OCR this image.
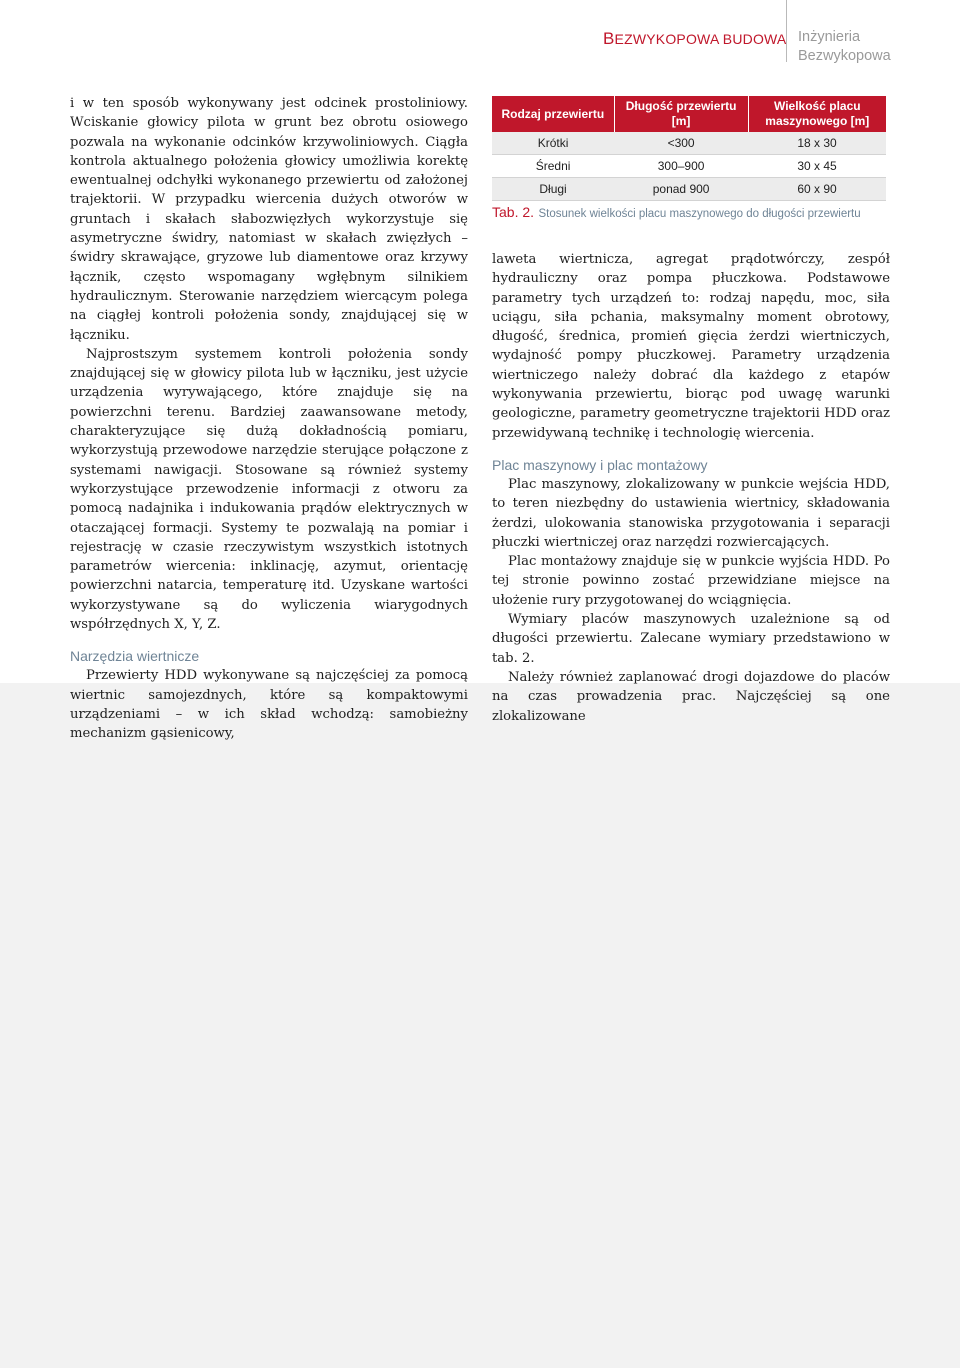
BEZWYKOPOWA BUDOWA Inżynieria
Bezwykopowa

i w ten sposób wykonywany jest odcinek prostoliniowy. Wciskanie głowicy pilota w grunt bez obrotu osiowego pozwala na wykonanie odcinków krzywoliniowych. Ciągła kontrola aktualnego położenia głowicy umożliwia korektę ewentualnej odchyłki wykonanego przewiertu od założonej trajektorii. W przypadku wiercenia dużych otworów w gruntach i skałach słabozwięzłych wykorzystuje się asymetryczne świdry, natomiast w skałach zwięzłych – świdry skrawające, gryzowe lub diamentowe oraz krzywy łącznik, często wspomagany wgłębnym silnikiem hydraulicznym. Sterowanie narzędziem wiercącym polega na ciągłej kontroli położenia sondy, znajdującej się w łączniku.

Najprostszym systemem kontroli położenia sondy znajdującej się w głowicy pilota lub w łączniku, jest użycie urządzenia wyrywającego, które znajduje się na powierzchni terenu. Bardziej zaawansowane metody, charakteryzujące się dużą dokładnością pomiaru, wykorzystują przewodowe narzędzie sterujące połączone z systemami nawigacji. Stosowane są również systemy wykorzystujące przewodzenie informacji z otworu za pomocą nadajnika i indukowania prądów elektrycznych w otaczającej formacji. Systemy te pozwalają na pomiar i rejestrację w czasie rzeczywistym wszystkich istotnych parametrów wiercenia: inklinację, azymut, orientację powierzchni natarcia, temperaturę itd. Uzyskane wartości wykorzystywane są do wyliczenia wiarygodnych współrzędnych X, Y, Z.

Narzędzia wiertnicze

Przewierty HDD wykonywane są najczęściej za pomocą wiertnic samojezdnych, które są kompaktowymi urządzeniami – w ich skład wchodzą: samobieżny mechanizm gąsienicowy,

Rodzaj przewiertu	Długość przewiertu [m]	Wielkość placu maszynowego [m]
Krótki	<300	18 x 30
Średni	300–900	30 x 45
Długi	ponad 900	60 x 90
Tab. 2. Stosunek wielkości placu maszynowego do długości przewiertu

laweta wiertnicza, agregat prądotwórczy, zespół hydrauliczny oraz pompa płuczkowa. Podstawowe parametry tych urządzeń to: rodzaj napędu, moc, siła uciągu, siła pchania, maksymalny moment obrotowy, długość, średnica, promień gięcia żerdzi wiertniczych, wydajność pompy płuczkowej. Parametry urządzenia wiertniczego należy dobrać dla każdego z etapów wykonywania przewiertu, biorąc pod uwagę warunki geologiczne, parametry geometryczne trajektorii HDD oraz przewidywaną technikę i technologię wiercenia.

Plac maszynowy i plac montażowy

Plac maszynowy, zlokalizowany w punkcie wejścia HDD, to teren niezbędny do ustawienia wiertnicy, składowania żerdzi, ulokowania stanowiska przygotowania i separacji płuczki wiertniczej oraz narzędzi rozwiercających.

Plac montażowy znajduje się w punkcie wyjścia HDD. Po tej stronie powinno zostać przewidziane miejsce na ułożenie rury przygotowanej do wciągnięcia.

Wymiary placów maszynowych uzależnione są od długości przewiertu. Zalecane wymiary przedstawiono w tab. 2.

Należy również zaplanować drogi dojazdowe do placów na czas prowadzenia prac. Najczęściej są one zlokalizowane
